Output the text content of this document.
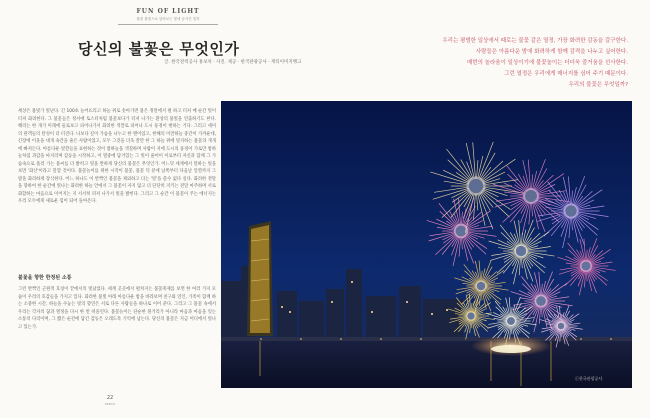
FUN OF LIGHT
불꽃 불빛으로 알아보는 빛에 숨겨진 법칙
당신의 불꽃은 무엇인가
글. 한국전력공사 홍보처 · 사진. 제공 · 한국관광공사 · 게티이미지뱅크
우리는 평범한 일상에서 때로는 불꽃 같은 열정, 가장 화려한 감동을 갈구한다.
사람들은 아름다운 밤에 화려하게 함께 감격을 나누고 싶어한다.
매번의 놀라움이 일상이기에 불꽃놀이는 더더욱 즐거움을 선사한다.
그런 열정은 우리에게 매너지를 심어 주기 때문이다.
우리의 불꽃은 무엇일까?
세상은 불빛가 빛난다. 긴 100초 늘어뜨리고 하늘 위로 솟아가면 불은 정말에서 펼 하고 터져 매 순간 빛이 터져 화려한다. 그 불꽃들은 정서에 토스터처럼 불꽃보다가 터져 나가는 환상의 불빛을 연출하기도 한다. 해리는 한 개가 미래에 둘로보고 피어나가서 화려한 색깔로 피어나 도시 풍경이 변하는 거다. 그러고 세미의 관객들의 탄성이 더 터진다. 나보다 깊이 가슴을 나누고 한 맨이었고, 한해의 이만하늘 중간이 가까운데, 긴장에 이웃을 대개 속간을 줄은 사람이었고, 모두 그것을 더욱 잘만 한 그 하늘 위에 빛지하는 불꽃과 개개에 빠져든다. 아름다운 빛깔들을 표현하는 것이 밤하늘을 색칠하며 사람이 지에 도시의 풍경이 가로만 밤하늘처럼 과감을 마지리며 감동을 시작하고, 이 열중에 담겨있는 그 빛이 줄어이 이로부터 자신과 함께 그 가슴속으로 흘러 가는 불씨를 더 밝히고 빛을 반하게 당신의 불꽃은 무엇인가. 어느덧 세계에서 말하는 빛을 보면 '화산'이라고 말할 것이다. 불꽃놀이를 위한 시작이 불꽃, 불꽃 덕 분에 남쪽부터 다음날 일렬까지 그 밤을 화려하게 장식한다. 어느 하나도 이 반짝인 불꽃을 제외하고 더는 '빛'을 쓸수 없다 싶다. 화려한 결말을 향하여 한 순간에 빛나는 화려한 하늘 안에서 그 불꽃이 자지 않고 더 단단히 지키는 전달 마주하며 서로 화합하는 마음으로 이어지는 지 서서히 퍼져 나가서 빛을 밝힌다. 그리고 그 순간 이 불꽃이 주는 에너지는 우리 모두에게 새로운 힘이 되어 돌아온다.
불꽃을 향한 한정된 소통
그런 반짝인 근원적 호칭이 끝에서의 빛났었다. 세계 곳곳에서 펼쳐지는 불꽃축제를 보면 한 여러 가지 모습이 우리의 호감들을 가지고 있다. 화려한 불빛 아래 아름다운 밤을 바라보며 친구와 연인, 가족이 함께 하는 소중한 시간. 하늘을 수놓는 빛의 향연은 서로 다른 사람들을 하나로 이어 준다. 그리고 그 불꽃 속에서 우리는 각자의 꿈과 열정을 다시 한 번 떠올린다. 불꽃놀이는 단순한 볼거리가 아니라 마음과 마음을 잇는 소통의 다리이며, 그 짧은 순간에 담긴 감동은 오래도록 기억에 남는다. 당신의 불꽃은 지금 어디에서 빛나고 있는가.
ⓒ한국관광공사
22
KEPCO
